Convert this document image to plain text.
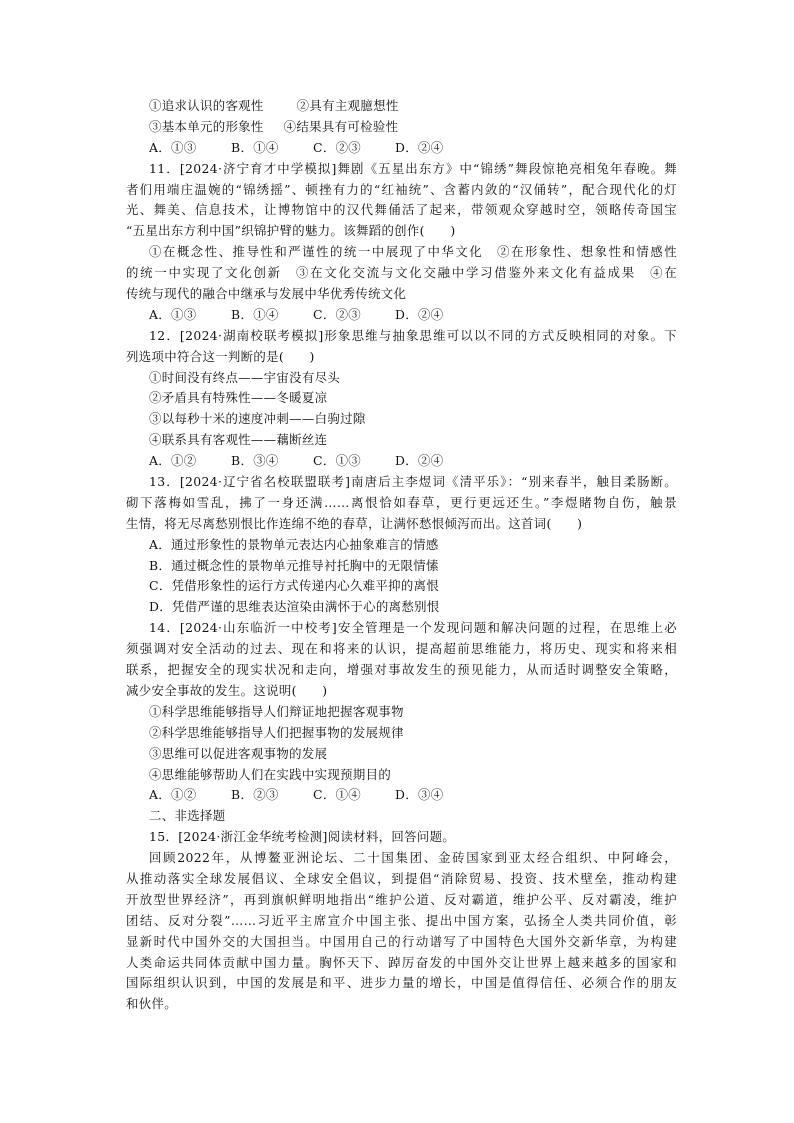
①追求认识的客观性	②具有主观臆想性
③基本单元的形象性 ④结果具有可检验性
A．①③	B．①④	C．②③	D．②④
11．[2024·济宁育才中学模拟]舞剧《五星出东方》中“锦绣”舞段惊艳亮相兔年春晚。舞
者们用端庄温婉的“锦绣摇”、顿挫有力的“红袖统”、含蓄内敛的“汉俑转”，配合现代化的灯
光、舞美、信息技术，让博物馆中的汉代舞俑活了起来，带领观众穿越时空，领略传奇国宝
“五星出东方利中国”织锦护臂的魅力。该舞蹈的创作(　　)
①在概念性、推导性和严谨性的统一中展现了中华文化　②在形象性、想象性和情感性
的统一中实现了文化创新　③在文化交流与文化交融中学习借鉴外来文化有益成果　④在
传统与现代的融合中继承与发展中华优秀传统文化
A．①③	B．①④	C．②③	D．②④
12．[2024·湖南校联考模拟]形象思维与抽象思维可以以不同的方式反映相同的对象。下
列选项中符合这一判断的是(　　)
①时间没有终点——宇宙没有尽头
②矛盾具有特殊性——冬暖夏凉
③以每秒十米的速度冲刺——白驹过隙
④联系具有客观性——藕断丝连
A．①②	B．③④	C．①③	D．②④
13．[2024·辽宁省名校联盟联考]南唐后主李煜词《清平乐》：“别来春半，触目柔肠断。
砌下落梅如雪乱，拂了一身还满……离恨恰如春草，更行更远还生。”李煜睹物自伤，触景
生情，将无尽离愁别恨比作连绵不绝的春草，让满怀愁恨倾泻而出。这首词(　　)
A．通过形象性的景物单元表达内心抽象难言的情感
B．通过概念性的景物单元推导衬托胸中的无限情愫
C．凭借形象性的运行方式传递内心久难平抑的离恨
D．凭借严谨的思维表达渲染由满怀于心的离愁别恨
14．[2024·山东临沂一中校考]安全管理是一个发现问题和解决问题的过程，在思维上必
须强调对安全活动的过去、现在和将来的认识，提高超前思维能力，将历史、现实和将来相
联系，把握安全的现实状况和走向，增强对事故发生的预见能力，从而适时调整安全策略，
减少安全事故的发生。这说明(　　)
①科学思维能够指导人们辩证地把握客观事物
②科学思维能够指导人们把握事物的发展规律
③思维可以促进客观事物的发展
④思维能够帮助人们在实践中实现预期目的
A．①②	B．②③	C．①④	D．③④
二、非选择题
15．[2024·浙江金华统考检测]阅读材料，回答问题。
回顾2022年，从博鳌亚洲论坛、二十国集团、金砖国家到亚太经合组织、中阿峰会，
从推动落实全球发展倡议、全球安全倡议，到提倡“消除贸易、投资、技术壁垒，推动构建
开放型世界经济”，再到旗帜鲜明地指出“维护公道、反对霸道，维护公平、反对霸凌，维护
团结、反对分裂”……习近平主席宣介中国主张、提出中国方案，弘扬全人类共同价值，彰
显新时代中国外交的大国担当。中国用自己的行动谱写了中国特色大国外交新华章，为构建
人类命运共同体贡献中国力量。胸怀天下、踔厉奋发的中国外交让世界上越来越多的国家和
国际组织认识到，中国的发展是和平、进步力量的增长，中国是值得信任、必须合作的朋友
和伙伴。
